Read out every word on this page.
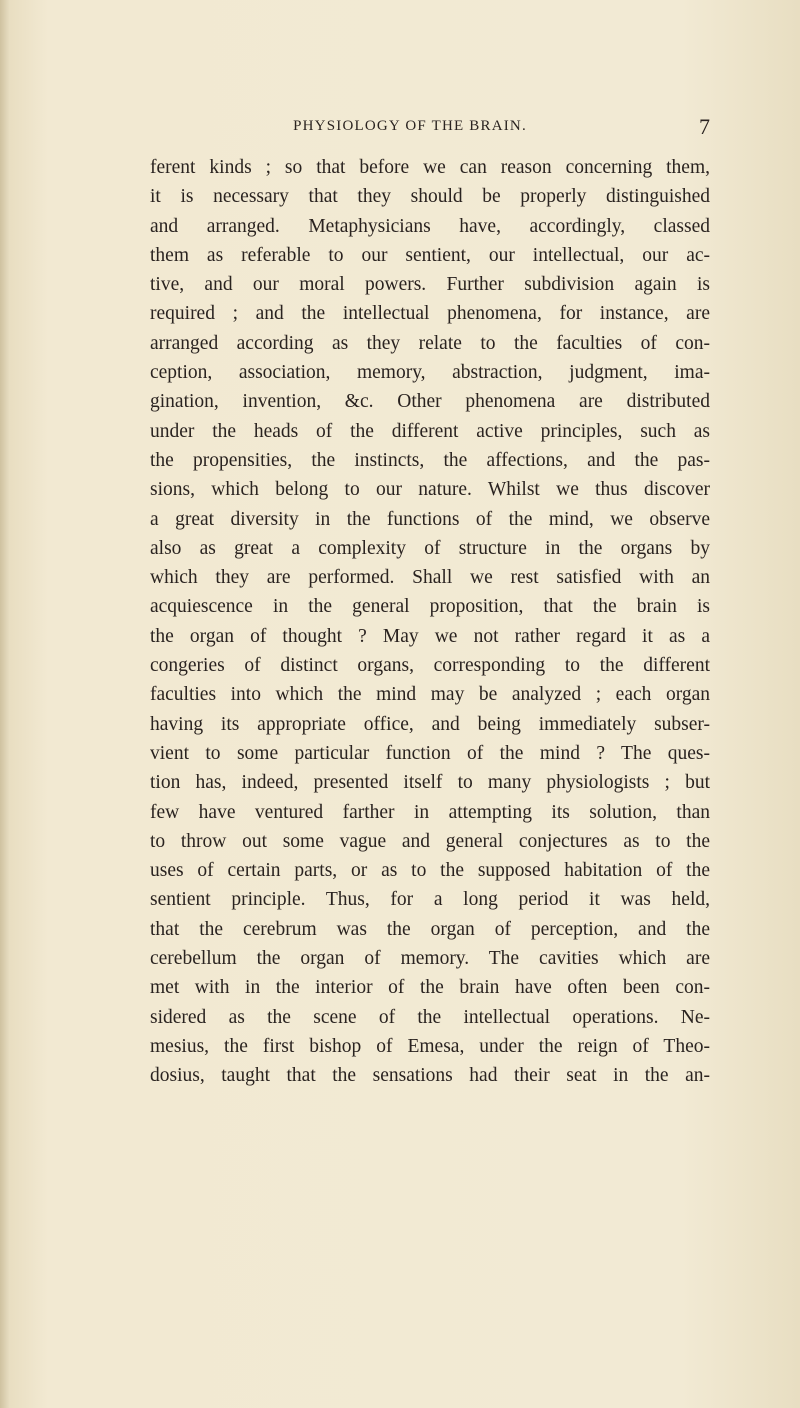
PHYSIOLOGY OF THE BRAIN.	7
ferent kinds ; so that before we can reason concerning them,
it is necessary that they should be properly distinguished
and arranged. Metaphysicians have, accordingly, classed
them as referable to our sentient, our intellectual, our ac-
tive, and our moral powers. Further subdivision again is
required ; and the intellectual phenomena, for instance, are
arranged according as they relate to the faculties of con-
ception, association, memory, abstraction, judgment, ima-
gination, invention, &c. Other phenomena are distributed
under the heads of the different active principles, such as
the propensities, the instincts, the affections, and the pas-
sions, which belong to our nature. Whilst we thus discover
a great diversity in the functions of the mind, we observe
also as great a complexity of structure in the organs by
which they are performed. Shall we rest satisfied with an
acquiescence in the general proposition, that the brain is
the organ of thought ? May we not rather regard it as a
congeries of distinct organs, corresponding to the different
faculties into which the mind may be analyzed ; each organ
having its appropriate office, and being immediately subser-
vient to some particular function of the mind ? The ques-
tion has, indeed, presented itself to many physiologists ; but
few have ventured farther in attempting its solution, than
to throw out some vague and general conjectures as to the
uses of certain parts, or as to the supposed habitation of the
sentient principle. Thus, for a long period it was held,
that the cerebrum was the organ of perception, and the
cerebellum the organ of memory. The cavities which are
met with in the interior of the brain have often been con-
sidered as the scene of the intellectual operations. Ne-
mesius, the first bishop of Emesa, under the reign of Theo-
dosius, taught that the sensations had their seat in the an-
